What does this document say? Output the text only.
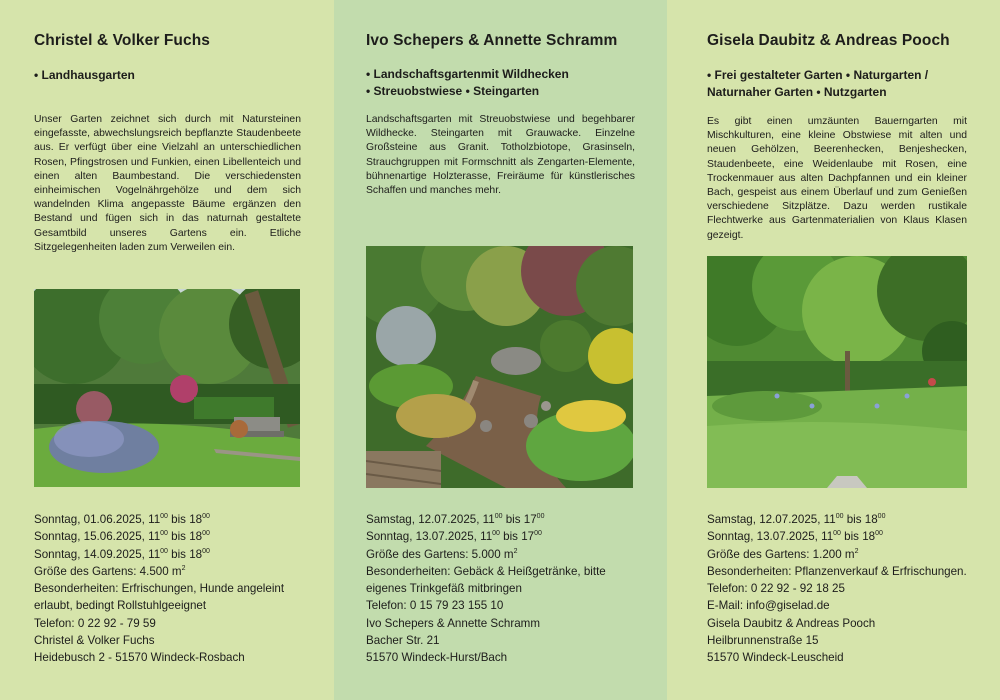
Christel & Volker Fuchs
• Landhausgarten

Unser Garten zeichnet sich durch mit Natursteinen eingefasste, abwechslungsreich bepflanzte Staudenbeete aus. Er verfügt über eine Vielzahl an unterschiedlichen Rosen, Pfingstrosen und Funkien, einen Libellenteich und einen alten Baumbestand. Die verschiedensten einheimischen Vogelnährgehölze und dem sich wandelnden Klima angepasste Bäume ergänzen den Bestand und fügen sich in das naturnah gestaltete Gesamtbild unseres Gartens ein. Etliche Sitzgelegenheiten laden zum Verweilen ein.

Sonntag, 01.06.2025, $11^{00}$ bis $18^{00}$
Sonntag, 15.06.2025, $11^{00}$ bis $18^{00}$
Sonntag, 14.09.2025, $11^{00}$ bis $18^{00}$
Größe des Gartens: 4.500 $m^2$
Besonderheiten: Erfrischungen, Hunde angeleint
erlaubt, bedingt Rollstuhlgeeignet
Telefon: 0 22 92 - 79 59
Christel & Volker Fuchs
Heidebusch 2 - 51570 Windeck-Rosbach
Ivo Schepers & Annette Schramm
• Landschaftsgartenmit Wildhecken
• Streuobstwiese • Steingarten

Landschaftsgarten mit Streuobstwiese und begehbarer Wildhecke. Steingarten mit Grauwacke. Einzelne Großsteine aus Granit. Totholzbiotope, Grasinseln, Strauchgruppen mit Formschnitt als Zengarten-Elemente, bühnenartige Holzterasse, Freiräume für künstlerisches Schaffen und manches mehr.

Samstag, 12.07.2025, $11^{00}$ bis $17^{00}$
Sonntag, 13.07.2025, $11^{00}$ bis $17^{00}$
Größe des Gartens: 5.000 $m^2$
Besonderheiten: Gebäck & Heißgetränke, bitte
eigenes Trinkgefäß mitbringen
Telefon: 0 15 79 23 155 10
Ivo Schepers & Annette Schramm
Bacher Str. 21
51570 Windeck-Hurst/Bach
Gisela Daubitz & Andreas Pooch
• Frei gestalteter Garten • Naturgarten /
Naturnaher Garten • Nutzgarten

Es gibt einen umzäunten Bauerngarten mit Mischkulturen, eine kleine Obstwiese mit alten und neuen Gehölzen, Beerenhecken, Benjeshecken, Staudenbeete, eine Weidenlaube mit Rosen, eine Trockenmauer aus alten Dachpfannen und ein kleiner Bach, gespeist aus einem Überlauf und zum Genießen verschiedene Sitzplätze. Dazu werden rustikale Flechtwerke aus Gartenmaterialien von Klaus Klasen gezeigt.

Samstag, 12.07.2025, $11^{00}$ bis $18^{00}$
Sonntag, 13.07.2025, $11^{00}$ bis $18^{00}$
Größe des Gartens: 1.200 $m^2$
Besonderheiten: Pflanzenverkauf & Erfrischungen.
Telefon: 0 22 92 - 92 18 25
E-Mail: info@giselad.de
Gisela Daubitz & Andreas Pooch
Heilbrunnenstraße 15
51570 Windeck-Leuscheid
